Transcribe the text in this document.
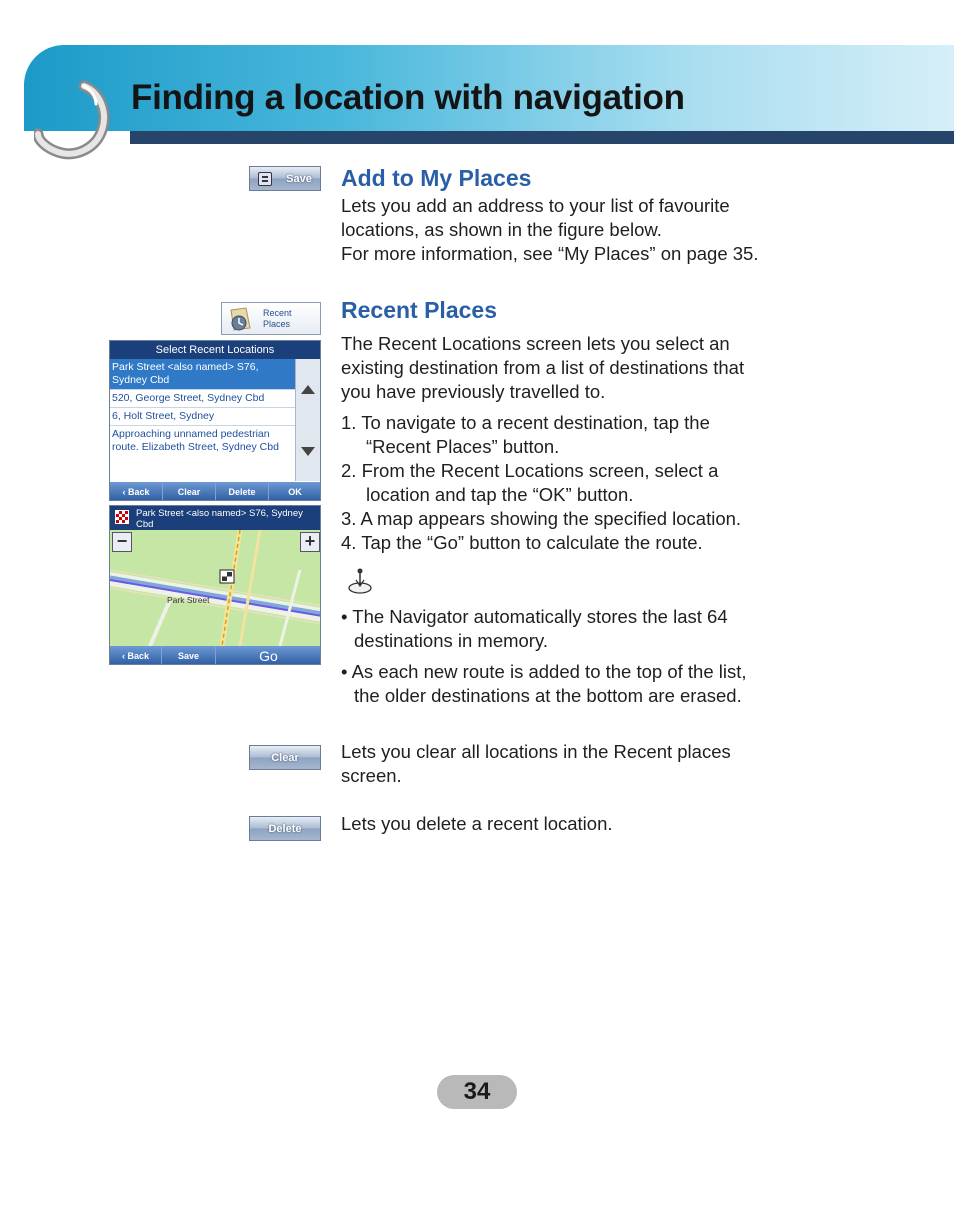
Finding a location with navigation
Save Add to My Places
Lets you add an address to your list of favourite
locations, as shown in the figure below.
For more information, see “My Places” on page 35.
Recent
Places
Recent Places
The Recent Locations screen lets you select an
existing destination from a list of destinations that
you have previously travelled to.
1. To navigate to a recent destination, tap the
“Recent Places” button.
2. From the Recent Locations screen, select a
location and tap the “OK” button.
3. A map appears showing the specified location.
4. Tap the “Go” button to calculate the route.
• The Navigator automatically stores the last 64
destinations in memory.
• As each new route is added to the top of the list,
the older destinations at the bottom are erased.
Select Recent Locations
Park Street <also named> S76, Sydney Cbd
520, George Street, Sydney Cbd
6, Holt Street, Sydney
Approaching unnamed pedestrian route. Elizabeth Street, Sydney Cbd
‹ Back	Clear	Delete	OK
Park Street
Park Street <also named> S76, Sydney Cbd
−	+
‹ Back	Save	Go
Clear Lets you clear all locations in the Recent places
screen.
Delete Lets you delete a recent location.
34
